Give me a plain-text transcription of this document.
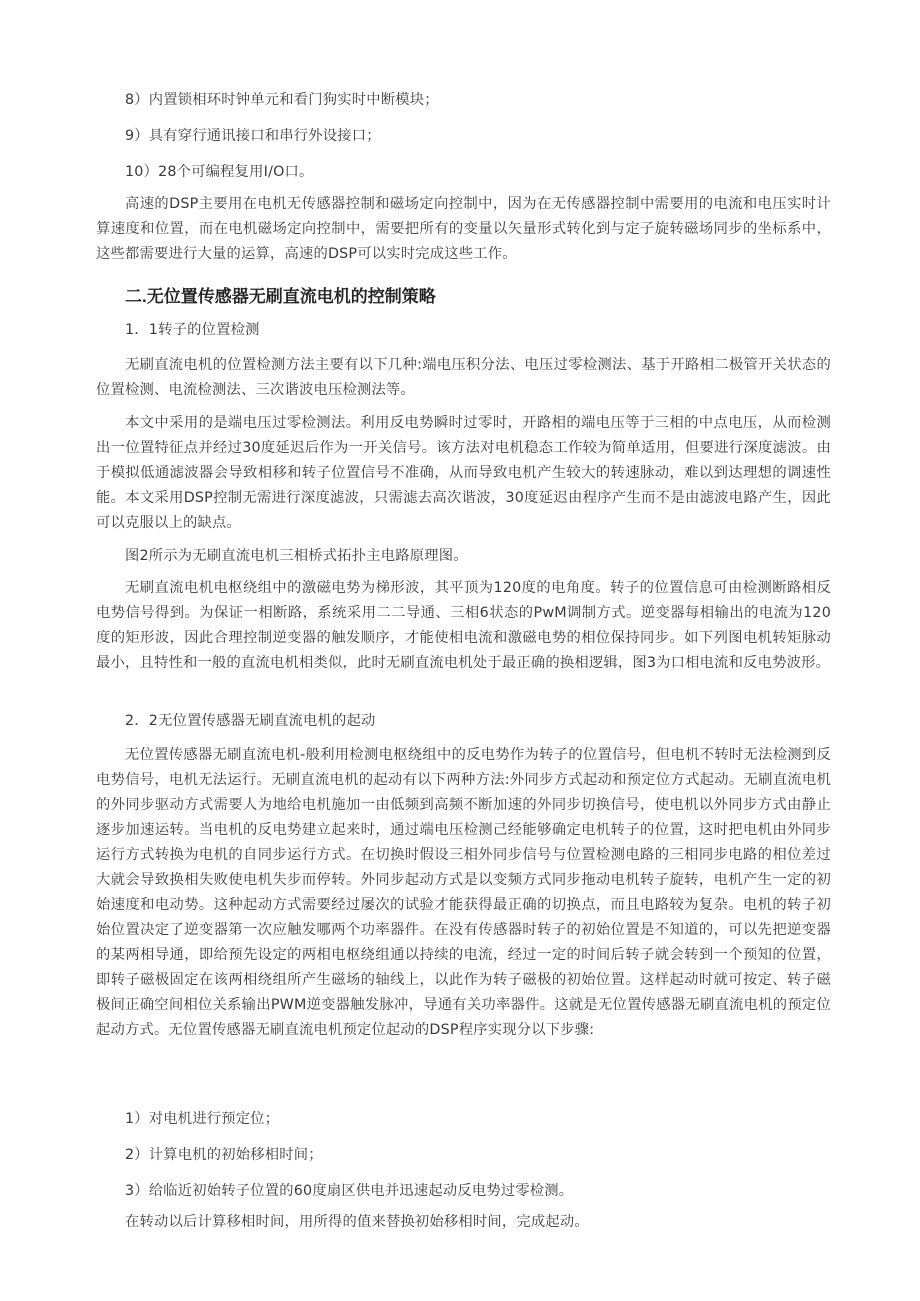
8）内置锁相环时钟单元和看门狗实时中断模块；

9）具有穿行通讯接口和串行外设接口；

10）28个可编程复用I/O口。

高速的DSP主要用在电机无传感器控制和磁场定向控制中，因为在无传感器控制中需要用的电流和电压实时计算速度和位置，而在电机磁场定向控制中，需要把所有的变量以矢量形式转化到与定子旋转磁场同步的坐标系中，这些都需要进行大量的运算，高速的DSP可以实时完成这些工作。

二.无位置传感器无刷直流电机的控制策略

1．1转子的位置检测

无刷直流电机的位置检测方法主要有以下几种:端电压积分法、电压过零检测法、基于开路相二极管开关状态的位置检测、电流检测法、三次谐波电压检测法等。

本文中采用的是端电压过零检测法。利用反电势瞬时过零时，开路相的端电压等于三相的中点电压，从而检测出一位置特征点并经过30度延迟后作为一开关信号。该方法对电机稳态工作较为简单适用，但要进行深度滤波。由于模拟低通滤波器会导致相移和转子位置信号不准确，从而导致电机产生较大的转速脉动，难以到达理想的调速性能。本文采用DSP控制无需进行深度滤波，只需滤去高次谐波，30度延迟由程序产生而不是由滤波电路产生，因此可以克服以上的缺点。

图2所示为无刷直流电机三相桥式拓扑主电路原理图。

无刷直流电机电枢绕组中的激磁电势为梯形波，其平顶为120度的电角度。转子的位置信息可由检测断路相反电势信号得到。为保证一相断路，系统采用二二导通、三相6状态的PwM调制方式。逆变器每相输出的电流为120度的矩形波，因此合理控制逆变器的触发顺序，才能使相电流和激磁电势的相位保持同步。如下列图电机转矩脉动最小，且特性和一般的直流电机相类似，此时无刷直流电机处于最正确的换相逻辑，图3为口相电流和反电势波形。

2．2无位置传感器无刷直流电机的起动

无位置传感器无刷直流电机-般利用检测电枢绕组中的反电势作为转子的位置信号，但电机不转时无法检测到反电势信号，电机无法运行。无刷直流电机的起动有以下两种方法:外同步方式起动和预定位方式起动。无刷直流电机的外同步驱动方式需要人为地给电机施加一由低频到高频不断加速的外同步切换信号，使电机以外同步方式由静止逐步加速运转。当电机的反电势建立起来时，通过端电压检测己经能够确定电机转子的位置，这时把电机由外同步运行方式转换为电机的自同步运行方式。在切换时假设三相外同步信号与位置检测电路的三相同步电路的相位差过大就会导致换相失败使电机失步而停转。外同步起动方式是以变频方式同步拖动电机转子旋转，电机产生一定的初始速度和电动势。这种起动方式需要经过屡次的试验才能获得最正确的切换点，而且电路较为复杂。电机的转子初始位置决定了逆变器第一次应触发哪两个功率器件。在没有传感器时转子的初始位置是不知道的，可以先把逆变器的某两相导通，即给预先设定的两相电枢绕组通以持续的电流，经过一定的时间后转子就会转到一个预知的位置，即转子磁极固定在该两相绕组所产生磁场的轴线上，以此作为转子磁极的初始位置。这样起动时就可按定、转子磁极间正确空间相位关系输出PWM逆变器触发脉冲，导通有关功率器件。这就是无位置传感器无刷直流电机的预定位起动方式。无位置传感器无刷直流电机预定位起动的DSP程序实现分以下步骤:

1）对电机进行预定位；

2）计算电机的初始移相时间；

3）给临近初始转子位置的60度扇区供电并迅速起动反电势过零检测。

在转动以后计算移相时间，用所得的值来替换初始移相时间，完成起动。
